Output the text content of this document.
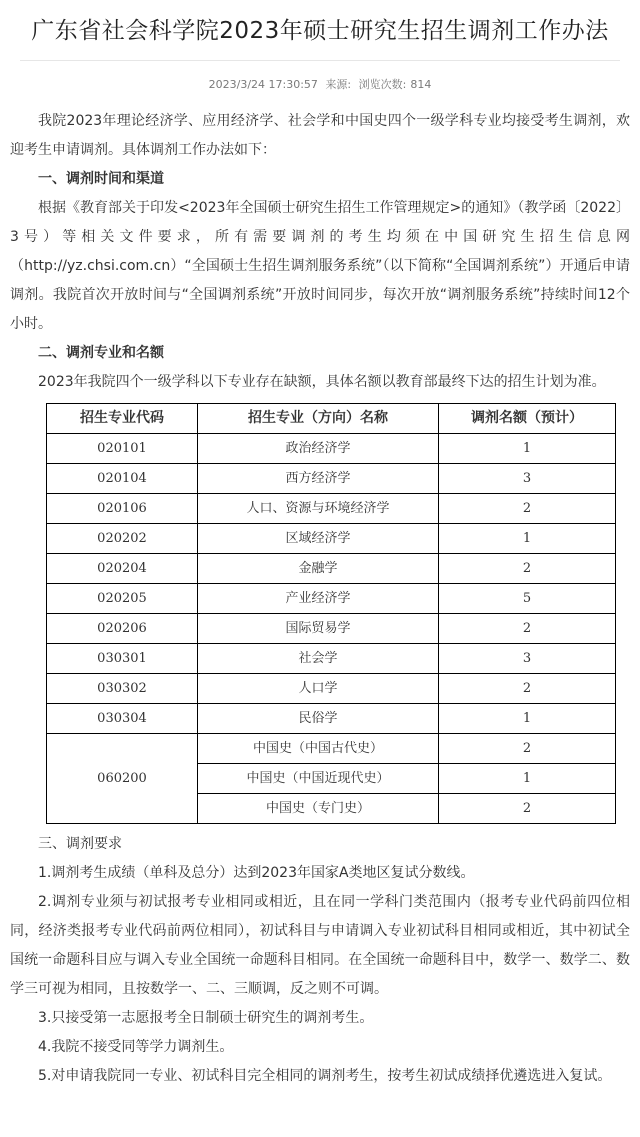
广东省社会科学院2023年硕士研究生招生调剂工作办法
2023/3/24 17:30:57 来源: 浏览次数: 814

我院2023年理论经济学、应用经济学、社会学和中国史四个一级学科专业均接受考生调剂，欢迎考生申请调剂。具体调剂工作办法如下：

一、调剂时间和渠道

根据《教育部关于印发<2023年全国硕士研究生招生工作管理规定>的通知》（教学函〔2022〕3号）等相关文件要求，所有需要调剂的考生均须在中国研究生招生信息网（http://yz.chsi.com.cn）“全国硕士生招生调剂服务系统”（以下简称“全国调剂系统”）开通后申请调剂。我院首次开放时间与“全国调剂系统”开放时间同步，每次开放“调剂服务系统”持续时间12个小时。

二、调剂专业和名额

2023年我院四个一级学科以下专业存在缺额，具体名额以教育部最终下达的招生计划为准。

招生专业代码	招生专业（方向）名称	调剂名额（预计）
020101	政治经济学	1
020104	西方经济学	3
020106	人口、资源与环境经济学	2
020202	区域经济学	1
020204	金融学	2
020205	产业经济学	5
020206	国际贸易学	2
030301	社会学	3
030302	人口学	2
030304	民俗学	1
060200	中国史（中国古代史）	2
	中国史（中国近现代史）	1
	中国史（专门史）	2
三、调剂要求

1.调剂考生成绩（单科及总分）达到2023年国家A类地区复试分数线。

2.调剂专业须与初试报考专业相同或相近，且在同一学科门类范围内（报考专业代码前四位相同，经济类报考专业代码前两位相同），初试科目与申请调入专业初试科目相同或相近，其中初试全国统一命题科目应与调入专业全国统一命题科目相同。在全国统一命题科目中，数学一、数学二、数学三可视为相同，且按数学一、二、三顺调，反之则不可调。

3.只接受第一志愿报考全日制硕士研究生的调剂考生。

4.我院不接受同等学力调剂生。

5.对申请我院同一专业、初试科目完全相同的调剂考生，按考生初试成绩择优遴选进入复试。
